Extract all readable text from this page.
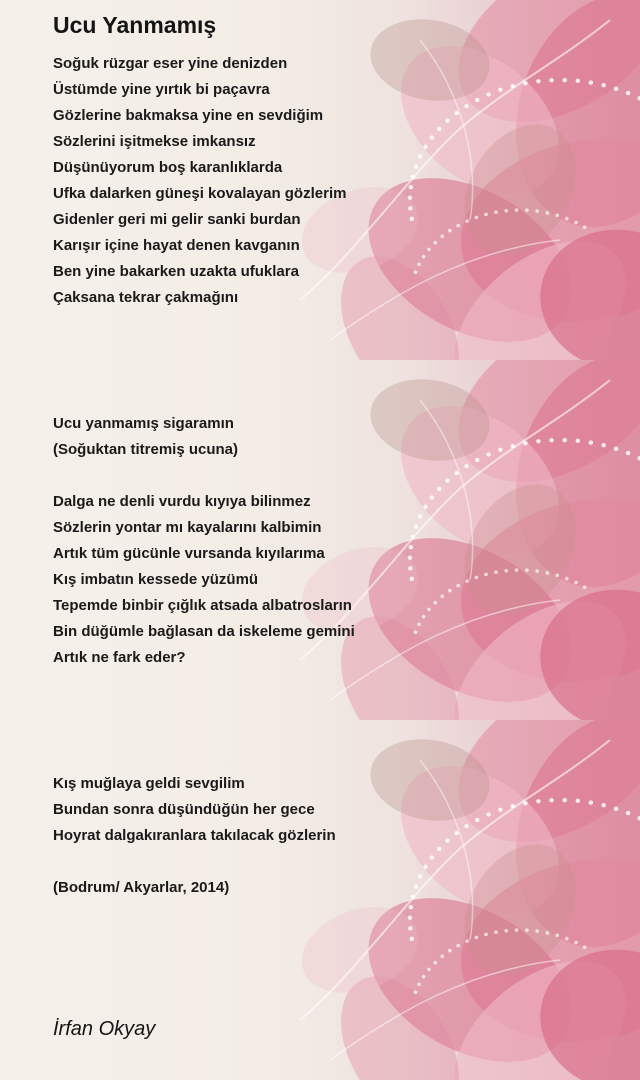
Ucu Yanmamış
Soğuk rüzgar eser yine denizden
Üstümde yine yırtık bi paçavra
Gözlerine bakmaksa yine en sevdiğim
Sözlerini işitmekse imkansız
Düşünüyorum boş karanlıklarda
Ufka dalarken güneşi kovalayan gözlerim
Gidenler geri mi gelir sanki burdan
Karışır içine hayat denen kavganın
Ben yine bakarken uzakta ufuklara
Çaksana tekrar çakmağını
Ucu yanmamış sigaramın
(Soğuktan titremiş ucuna)
Dalga ne denli vurdu kıyıya bilinmez
Sözlerin yontar mı kayalarını kalbimin
Artık tüm gücünle vursanda kıyılarıma
Kış imbatın kessede yüzümü
Tepemde binbir çığlık atsada albatrosların
Bin düğümle bağlasan da iskeleme gemini
Artık ne fark eder?
Kış muğlaya geldi sevgilim
Bundan sonra düşündüğün her gece
Hoyrat dalgakıranlara takılacak gözlerin
(Bodrum/ Akyarlar, 2014)
İrfan Okyay
